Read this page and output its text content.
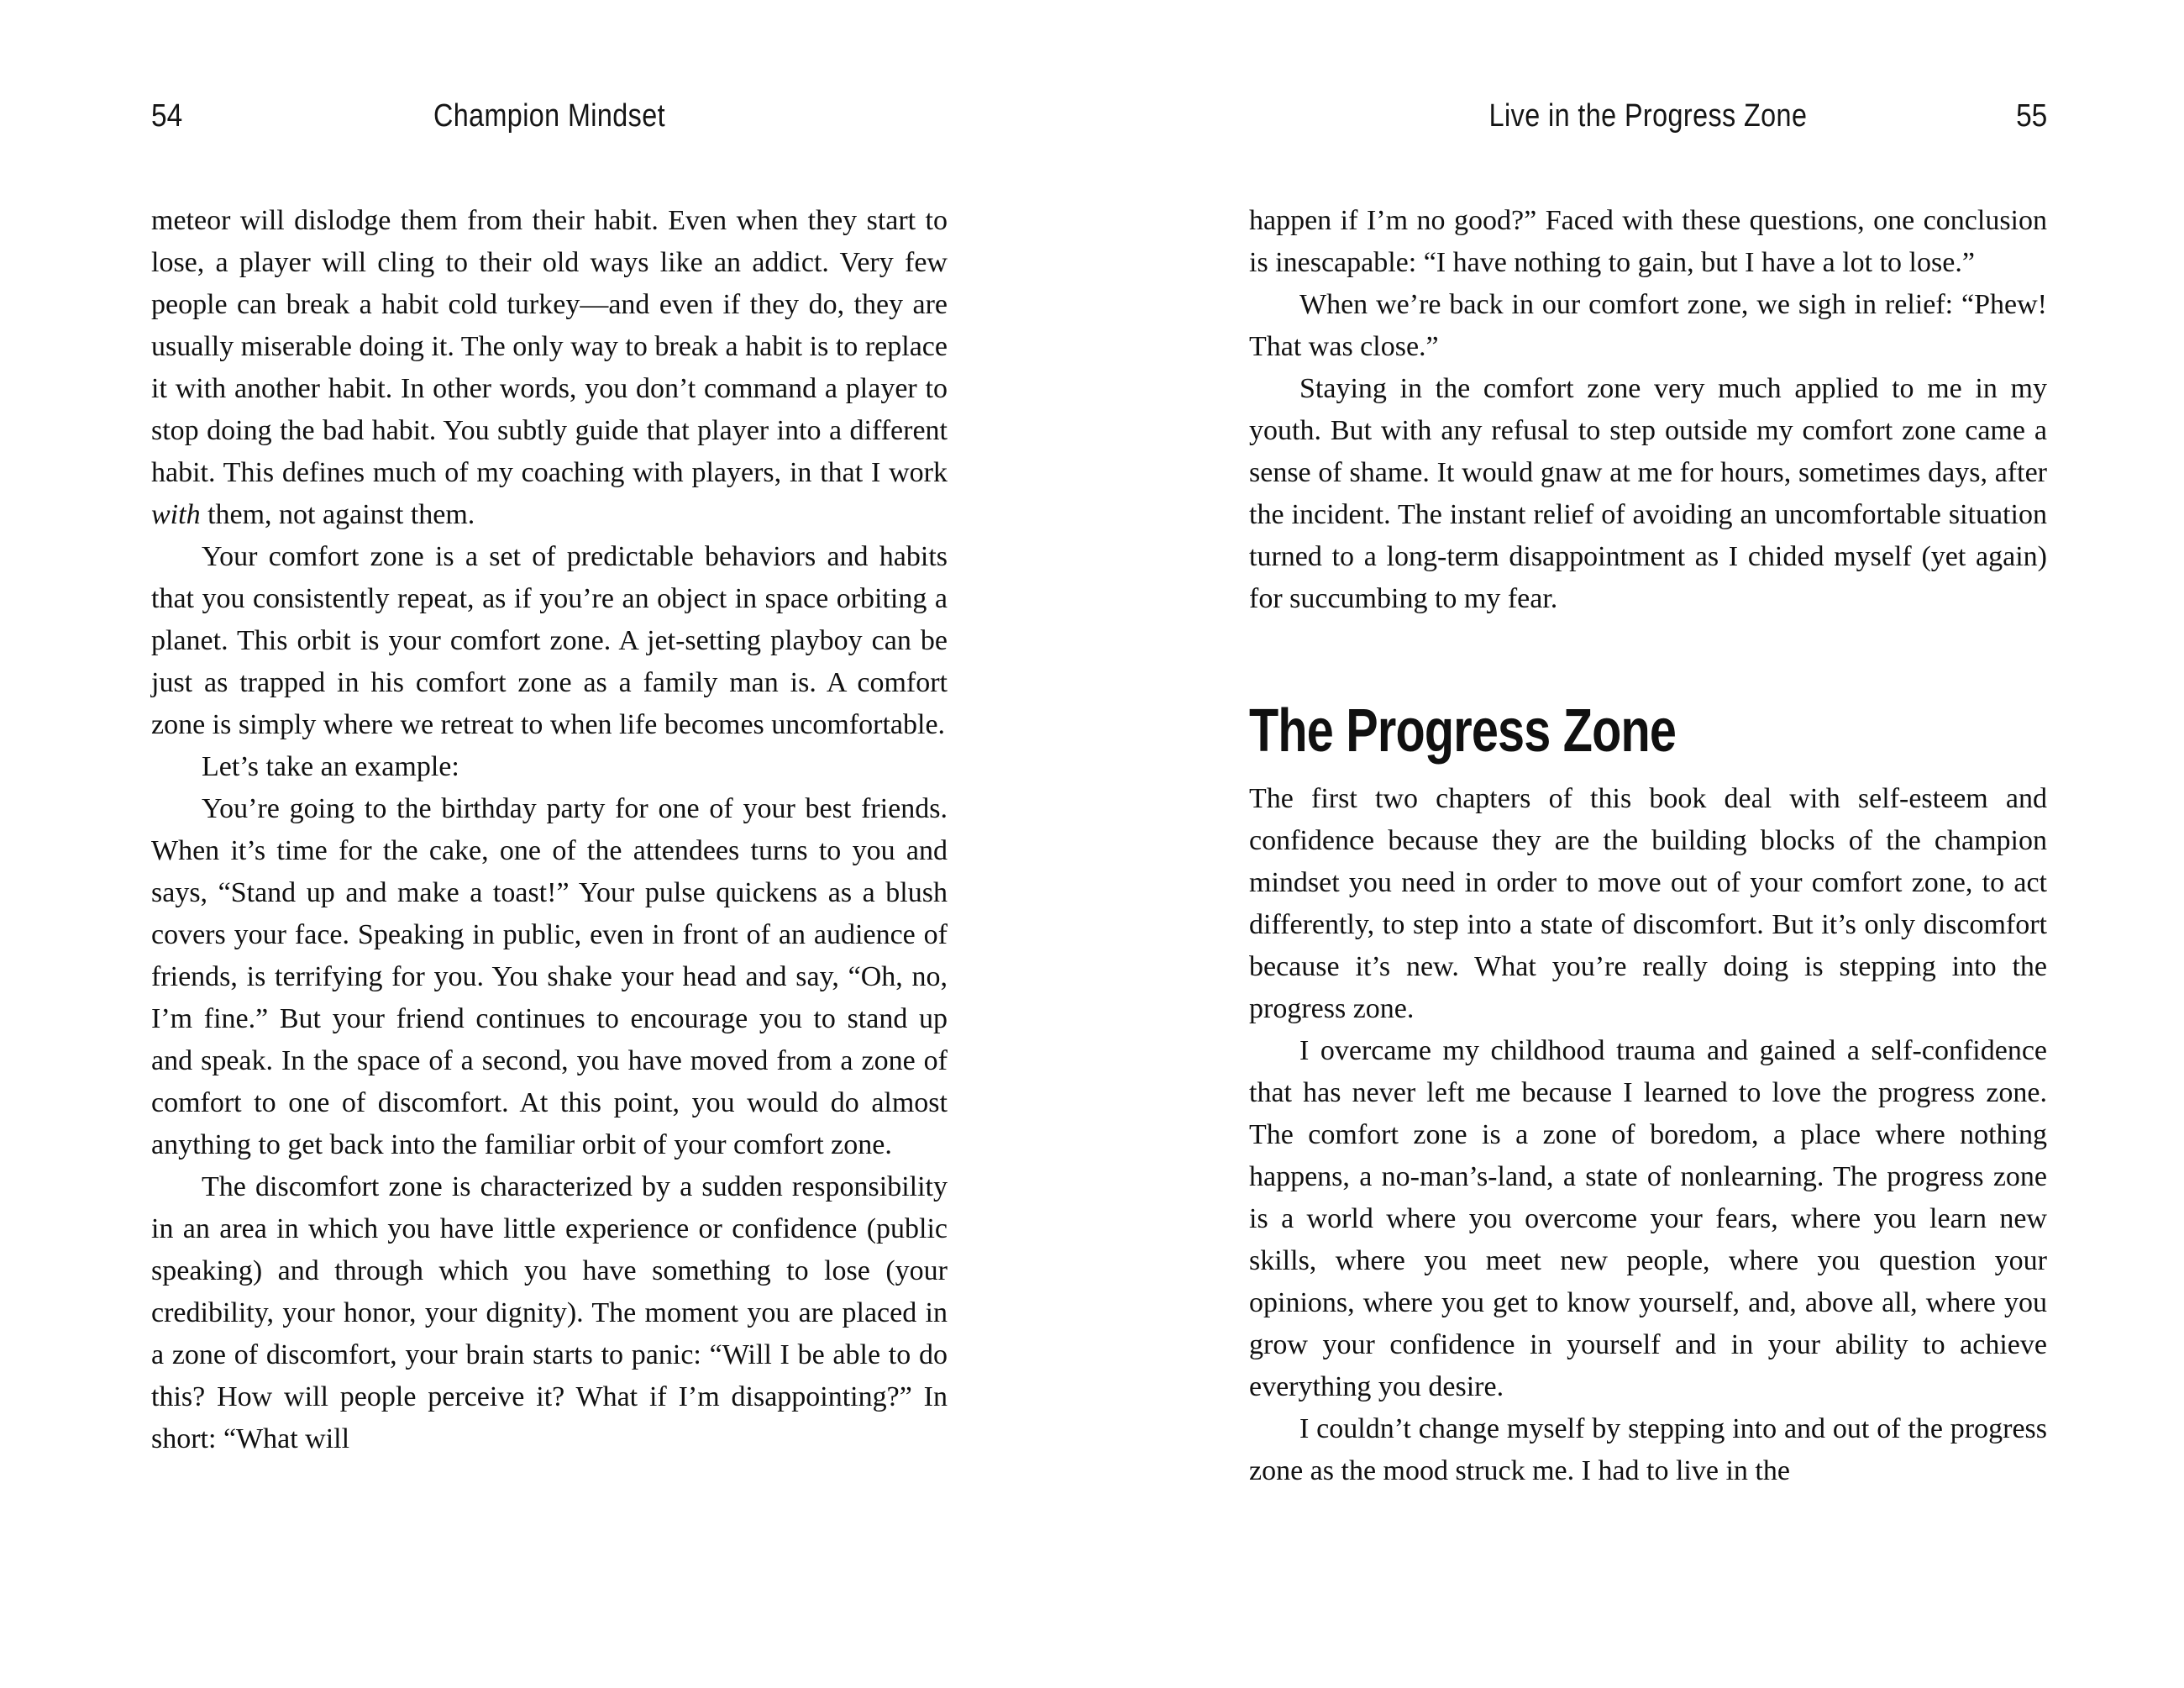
54	Champion Mindset

meteor will dislodge them from their habit. Even when they start to lose, a player will cling to their old ways like an addict. Very few people can break a habit cold turkey—and even if they do, they are usually miserable doing it. The only way to break a habit is to replace it with another habit. In other words, you don’t command a player to stop doing the bad habit. You subtly guide that player into a different habit. This defines much of my coaching with players, in that I work with them, not against them.

Your comfort zone is a set of predictable behaviors and habits that you consistently repeat, as if you’re an object in space orbiting a planet. This orbit is your comfort zone. A jet-setting playboy can be just as trapped in his comfort zone as a family man is. A comfort zone is simply where we retreat to when life becomes uncomfortable.

Let’s take an example:

You’re going to the birthday party for one of your best friends. When it’s time for the cake, one of the attendees turns to you and says, “Stand up and make a toast!” Your pulse quickens as a blush covers your face. Speaking in public, even in front of an audience of friends, is terrifying for you. You shake your head and say, “Oh, no, I’m fine.” But your friend continues to encourage you to stand up and speak. In the space of a second, you have moved from a zone of comfort to one of discomfort. At this point, you would do almost anything to get back into the familiar orbit of your comfort zone.

The discomfort zone is characterized by a sudden responsibility in an area in which you have little experience or confidence (public speaking) and through which you have something to lose (your credibility, your honor, your dignity). The moment you are placed in a zone of discomfort, your brain starts to panic: “Will I be able to do this? How will people perceive it? What if I’m disappointing?” In short: “What will

Live in the Progress Zone	55

happen if I’m no good?” Faced with these questions, one conclusion is inescapable: “I have nothing to gain, but I have a lot to lose.”

When we’re back in our comfort zone, we sigh in relief: “Phew! That was close.”

Staying in the comfort zone very much applied to me in my youth. But with any refusal to step outside my comfort zone came a sense of shame. It would gnaw at me for hours, sometimes days, after the incident. The instant relief of avoiding an uncomfortable situation turned to a long-term disappointment as I chided myself (yet again) for succumbing to my fear.

The Progress Zone

The first two chapters of this book deal with self-esteem and confidence because they are the building blocks of the champion mindset you need in order to move out of your comfort zone, to act differently, to step into a state of discomfort. But it’s only discomfort because it’s new. What you’re really doing is stepping into the progress zone.

I overcame my childhood trauma and gained a self-confidence that has never left me because I learned to love the progress zone. The comfort zone is a zone of boredom, a place where nothing happens, a no-man’s-land, a state of nonlearning. The progress zone is a world where you overcome your fears, where you learn new skills, where you meet new people, where you question your opinions, where you get to know yourself, and, above all, where you grow your confidence in yourself and in your ability to achieve everything you desire.

I couldn’t change myself by stepping into and out of the progress zone as the mood struck me. I had to live in the
